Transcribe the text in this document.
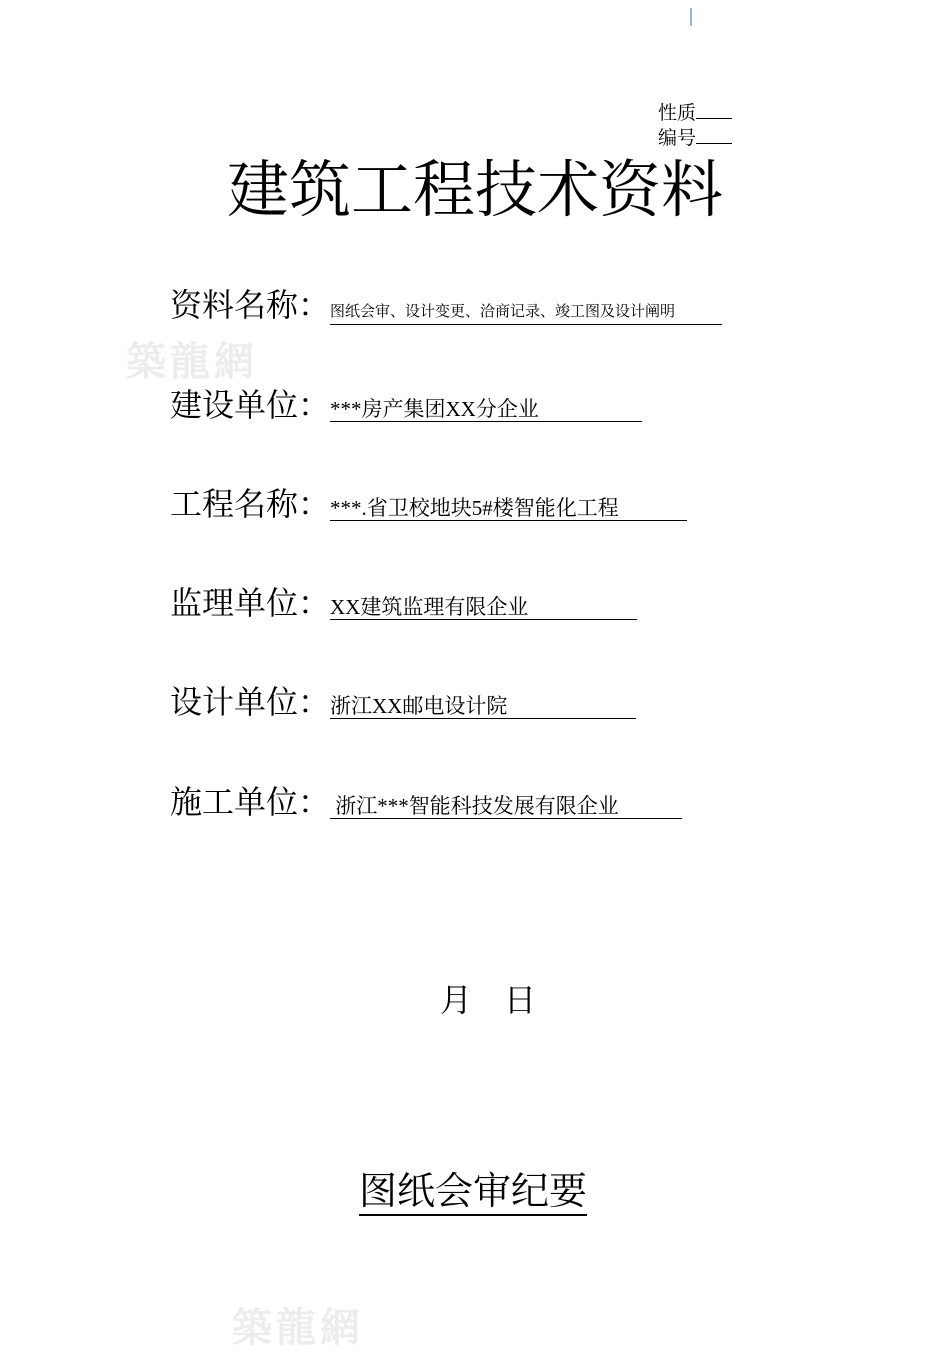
性质
编号
建筑工程技术资料
築龍網
资料名称：图纸会审、设计变更、洽商记录、竣工图及设计阐明
建设单位：***房产集团XX分企业
工程名称：***.省卫校地块5#楼智能化工程
监理单位：XX建筑监理有限企业
设计单位：浙江XX邮电设计院
施工单位： 浙江***智能科技发展有限企业
月 日
图纸会审纪要
築龍網
